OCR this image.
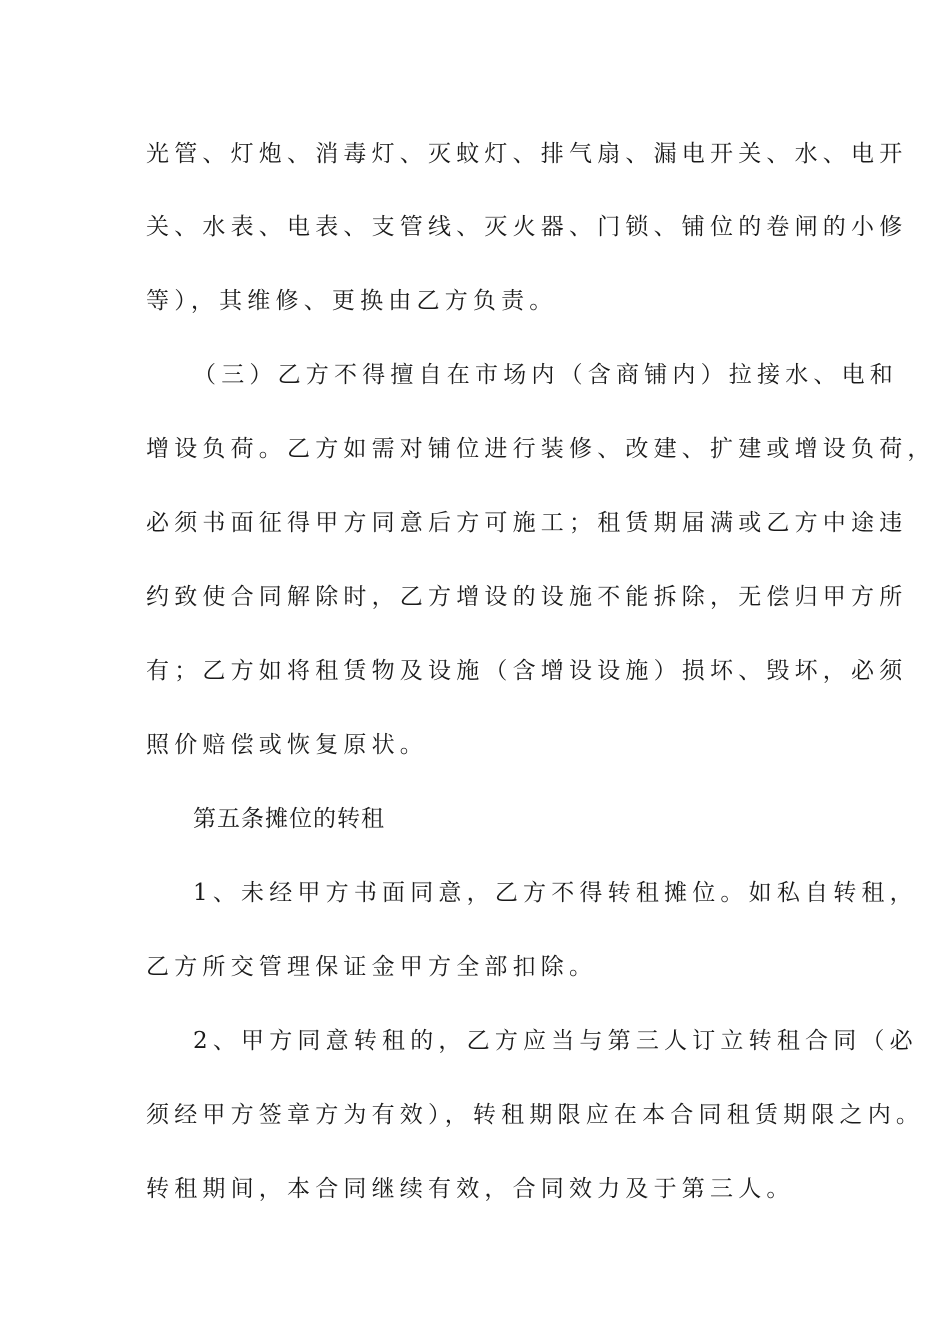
光管、灯炮、消毒灯、灭蚊灯、排气扇、漏电开关、水、电开
关、水表、电表、支管线、灭火器、门锁、铺位的卷闸的小修
等），其维修、更换由乙方负责。
（三）乙方不得擅自在市场内（含商铺内）拉接水、电和
增设负荷。乙方如需对铺位进行装修、改建、扩建或增设负荷，
必须书面征得甲方同意后方可施工；租赁期届满或乙方中途违
约致使合同解除时，乙方增设的设施不能拆除，无偿归甲方所
有；乙方如将租赁物及设施（含增设设施）损坏、毁坏，必须
照价赔偿或恢复原状。
第五条摊位的转租
1、未经甲方书面同意，乙方不得转租摊位。如私自转租，
乙方所交管理保证金甲方全部扣除。
2、甲方同意转租的，乙方应当与第三人订立转租合同（必
须经甲方签章方为有效），转租期限应在本合同租赁期限之内。
转租期间，本合同继续有效，合同效力及于第三人。
